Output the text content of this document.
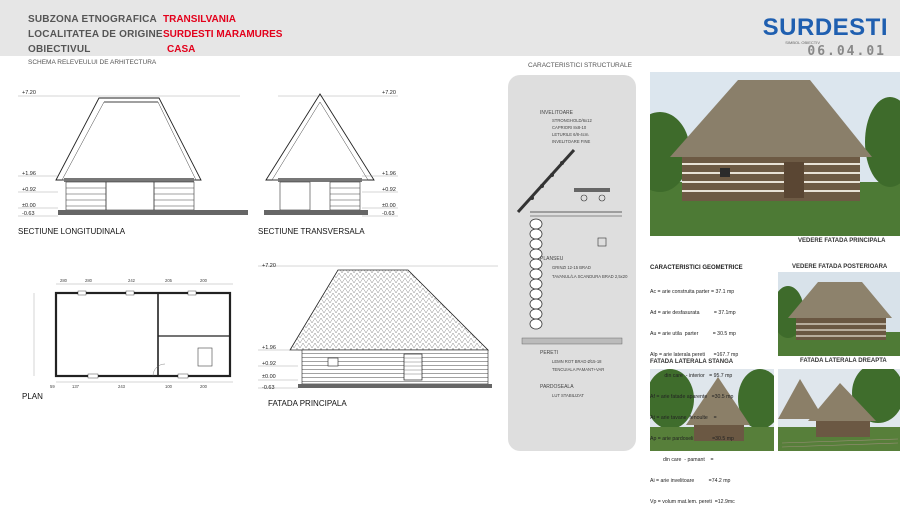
SUBZONA ETNOGRAFICA TRANSILVANIA
LOCALITATEA DE ORIGINE SURDESTI MARAMURES
OBIECTIVUL	CASA
SURDESTI
SIMBOL OBIECTIV
06.04.01
SCHEMA RELEVEULUI DE ARHITECTURA
+7.20
+1.96
+0.92
±0.00
-0.63
SECTIUNE LONGITUDINALA
+7.20
+1.96
+0.92
±0.00
-0.63
SECTIUNE TRANSVERSALA
280	280	242	205	200
59	137	243	100	200
PLAN
+7.20
+1.96
+0.92
±0.00
-0.63
FATADA PRINCIPALA
CARACTERISTICI STRUCTURALE
INVELITOARE
STRONGHOLD/6x12
CAPRIORI 8x8-10
LETURILE 6/8-4cm.
INVELITOARE FINE
PLANSEU
GRINZI 12-15 BRAD
TAVANUL/LA SCANDURA BRAD 2,5x20
PERETI
LEMN ROT BRAD Ø15-18
TENCUIALA PAMANT+VAR
PARDOSEALA
LUT STABILIZAT
VEDERE FATADA PRINCIPALA
VEDERE FATADA POSTERIOARA
FATADA LATERALA DREAPTA
FATADA LATERALA STANGA
CARACTERISTICI GEOMETRICE

Ac = arie construita parter = 37.1 mp

Ad = arie desfasurata          = 37.1mp

Au = arie utila  parter          = 30.5 mp

Alp = arie laterala pereti      =167.7 mp

din care  - interior   = 95.7 mp

Af = arie fatade aparente   =30.5 mp

At = arie tavane  fenoulte    =

Ap = arie pardoseli             =30.5 mp

din care  - pamant    =

Ai = arie invelitoare          =74.2 mp

Vp = volum mat.lem. pereti  =12.9mc
